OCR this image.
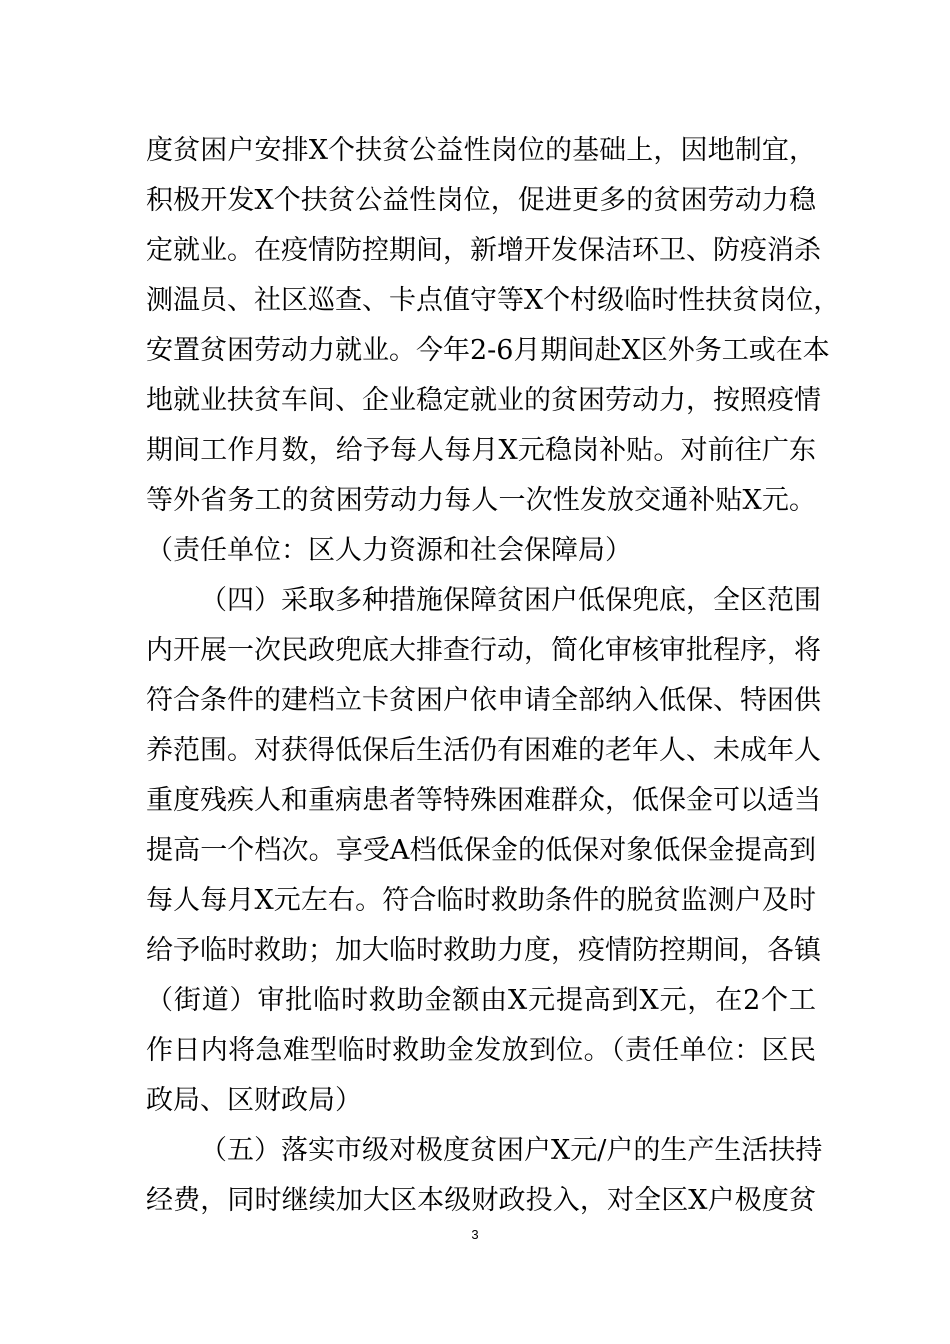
度贫困户安排X个扶贫公益性岗位的基础上，因地制宜，
积极开发X个扶贫公益性岗位，促进更多的贫困劳动力稳
定就业。在疫情防控期间，新增开发保洁环卫、防疫消杀
测温员、社区巡查、卡点值守等X个村级临时性扶贫岗位，
安置贫困劳动力就业。今年2-6月期间赴X区外务工或在本
地就业扶贫车间、企业稳定就业的贫困劳动力，按照疫情
期间工作月数，给予每人每月X元稳岗补贴。对前往广东
等外省务工的贫困劳动力每人一次性发放交通补贴X元。
（责任单位：区人力资源和社会保障局）
（四）采取多种措施保障贫困户低保兜底，全区范围
内开展一次民政兜底大排查行动，简化审核审批程序，将
符合条件的建档立卡贫困户依申请全部纳入低保、特困供
养范围。对获得低保后生活仍有困难的老年人、未成年人
重度残疾人和重病患者等特殊困难群众，低保金可以适当
提高一个档次。享受A档低保金的低保对象低保金提高到
每人每月X元左右。符合临时救助条件的脱贫监测户及时
给予临时救助；加大临时救助力度，疫情防控期间，各镇
（街道）审批临时救助金额由X元提高到X元，在2个工
作日内将急难型临时救助金发放到位。（责任单位：区民
政局、区财政局）
（五）落实市级对极度贫困户X元/户的生产生活扶持
经费，同时继续加大区本级财政投入，对全区X户极度贫
3
